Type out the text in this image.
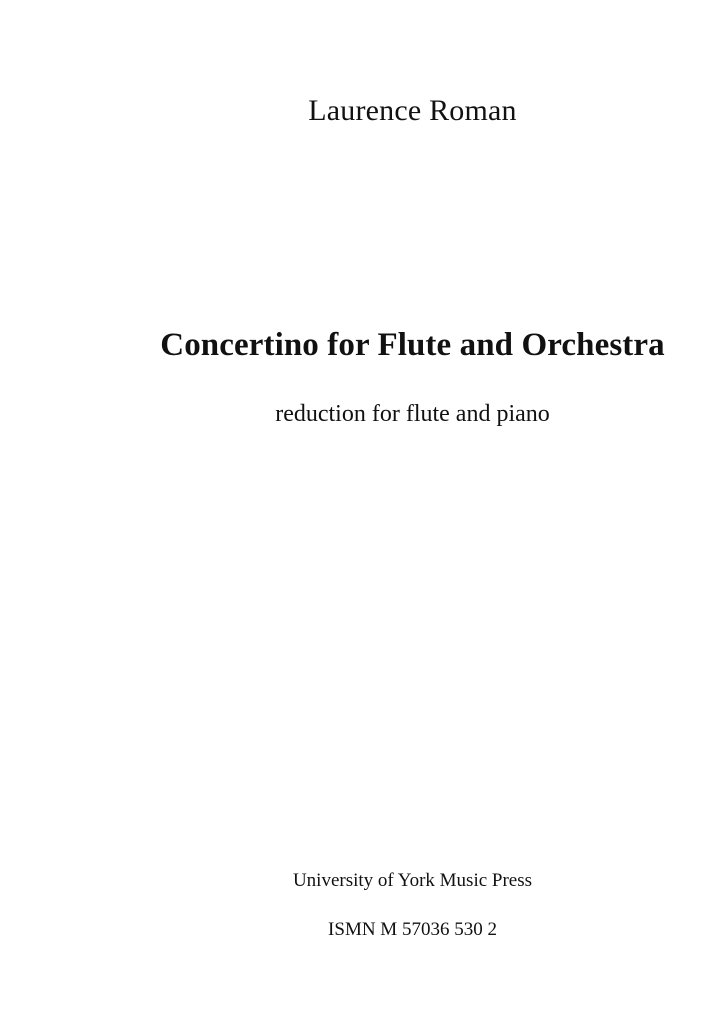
Laurence Roman
Concertino for Flute and Orchestra
reduction for flute and piano
University of York Music Press
ISMN M 57036 530 2
